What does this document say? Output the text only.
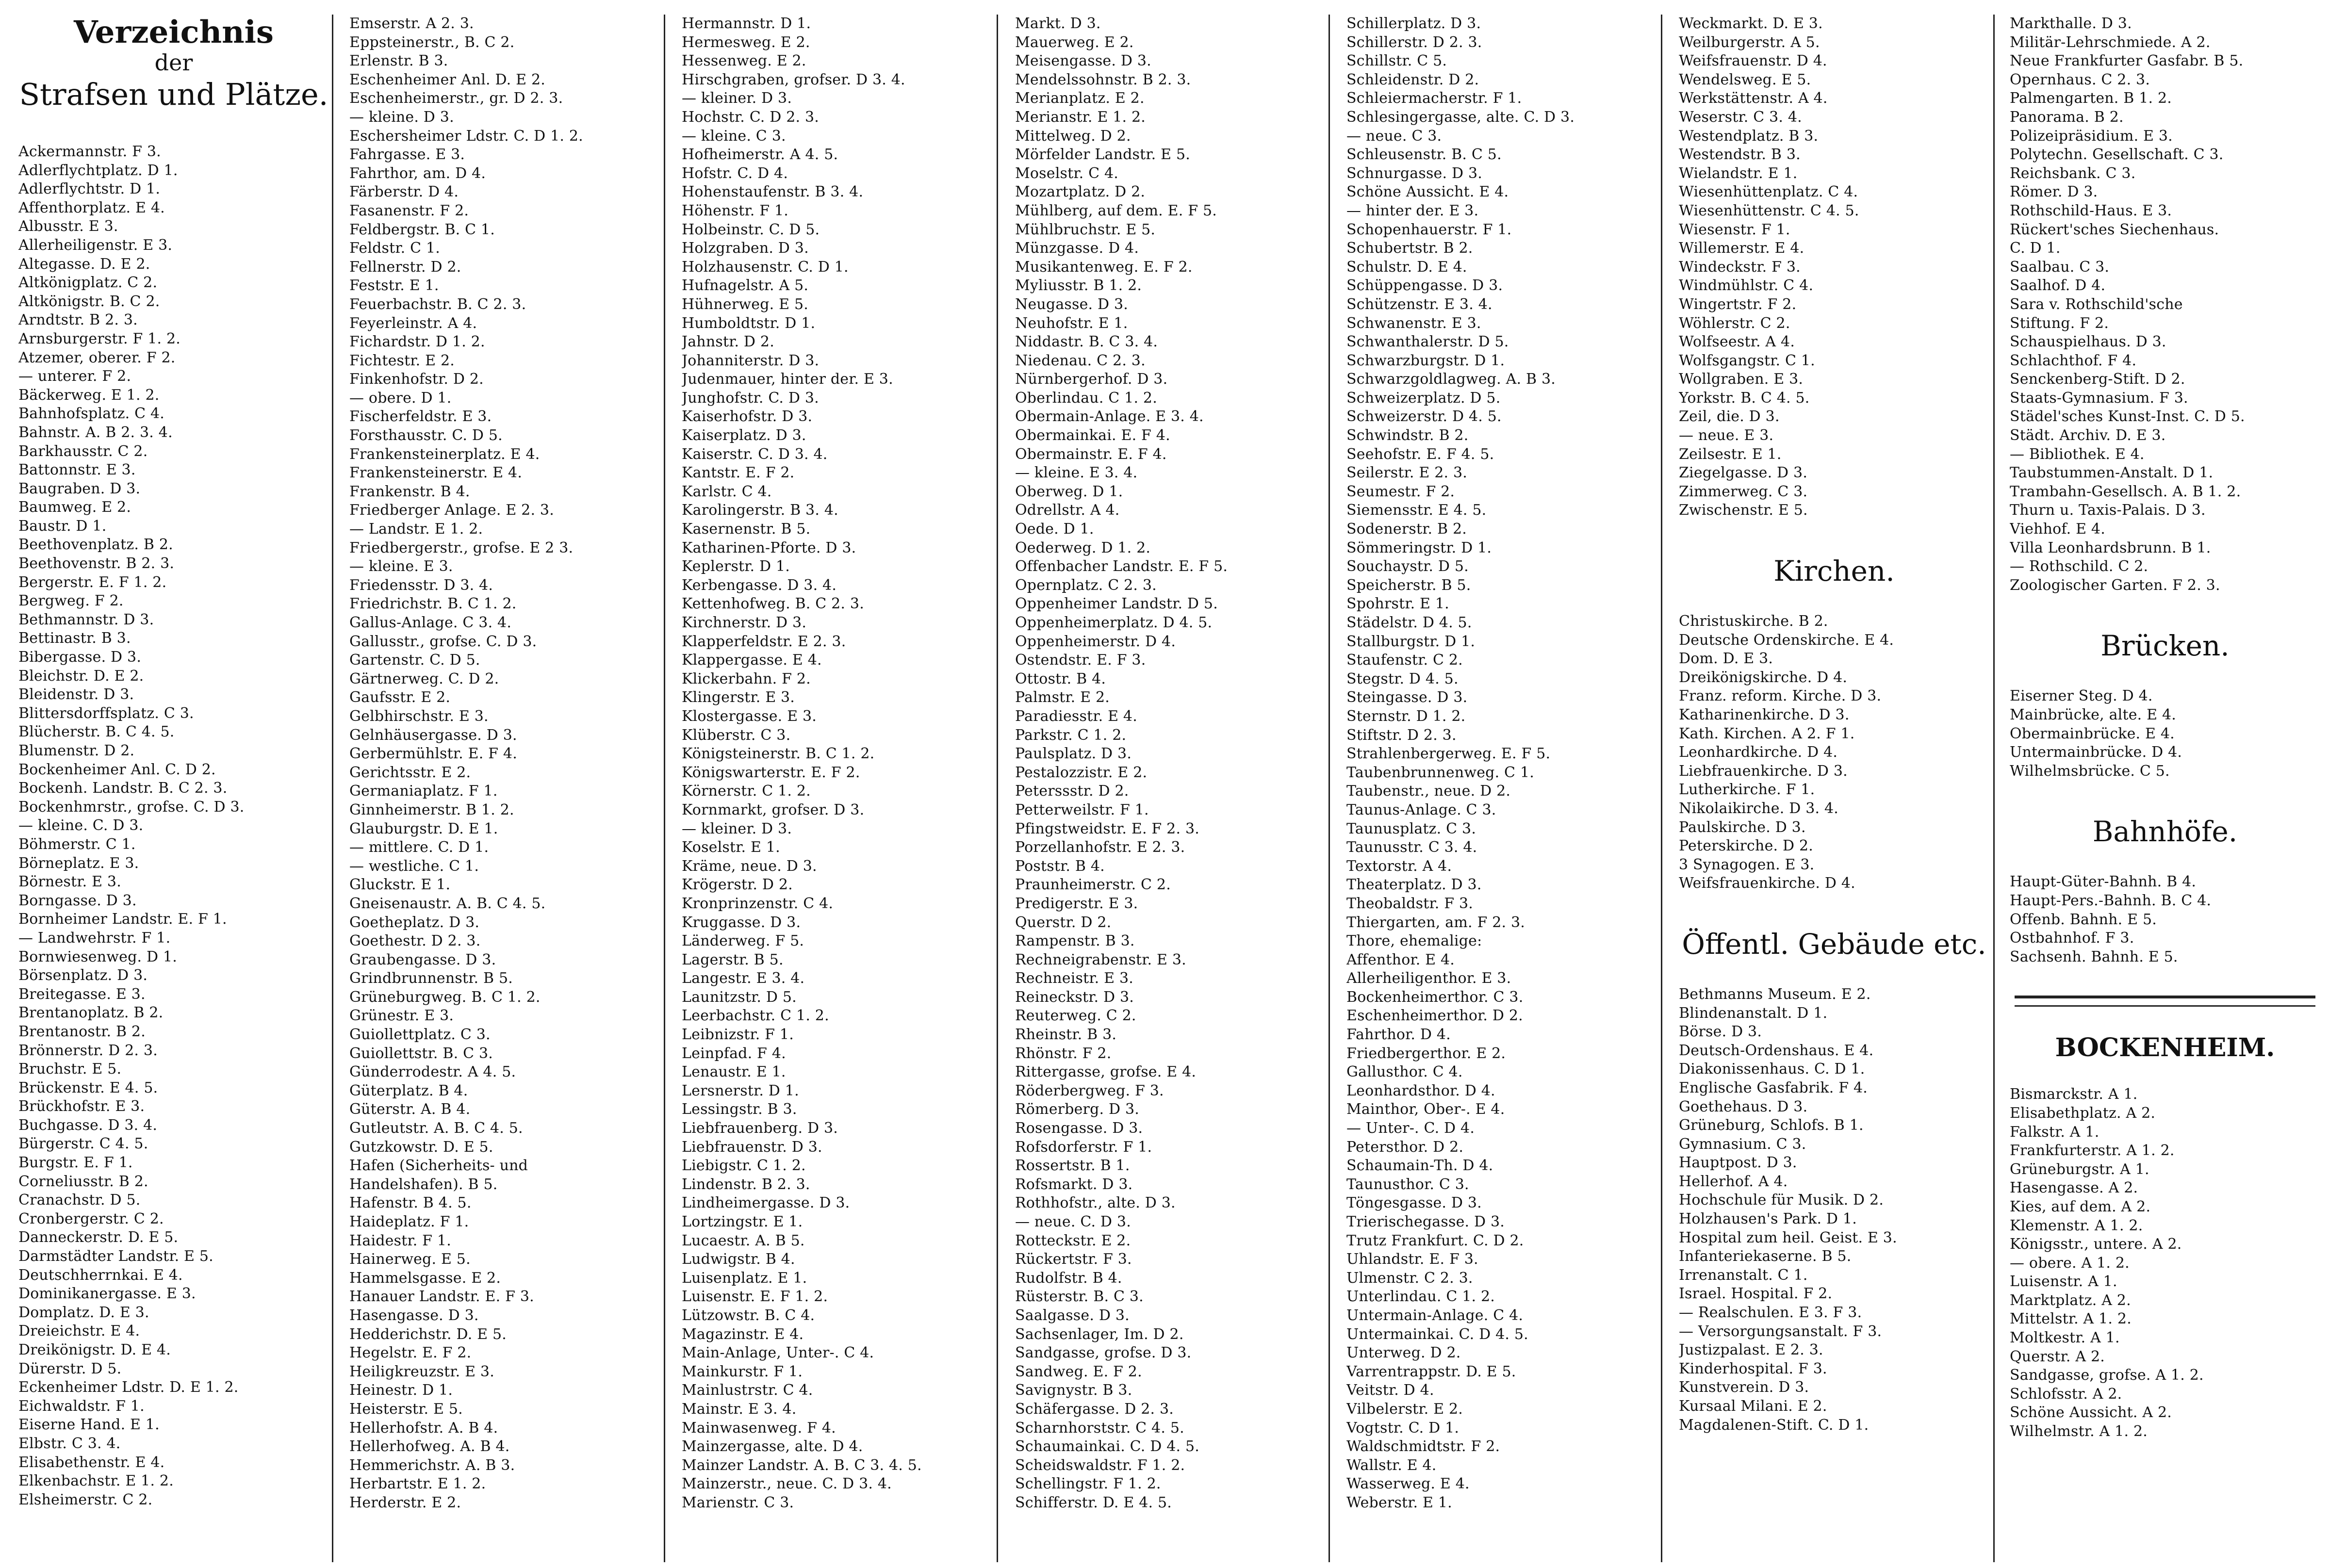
Verzeichnis
der
Strafsen und Plätze.
Ackermannstr. F 3.
Adlerflychtplatz. D 1.
Adlerflychtstr. D 1.
Affenthorplatz. E 4.
Albusstr. E 3.
Allerheiligenstr. E 3.
Altegasse. D. E 2.
Altkönigplatz. C 2.
Altkönigstr. B. C 2.
Arndtstr. B 2. 3.
Arnsburgerstr. F 1. 2.
Atzemer, oberer. F 2.
— unterer. F 2.
Bäckerweg. E 1. 2.
Bahnhofsplatz. C 4.
Bahnstr. A. B 2. 3. 4.
Barkhausstr. C 2.
Battonnstr. E 3.
Baugraben. D 3.
Baumweg. E 2.
Baustr. D 1.
Beethovenplatz. B 2.
Beethovenstr. B 2. 3.
Bergerstr. E. F 1. 2.
Bergweg. F 2.
Bethmannstr. D 3.
Bettinastr. B 3.
Bibergasse. D 3.
Bleichstr. D. E 2.
Bleidenstr. D 3.
Blittersdorffsplatz. C 3.
Blücherstr. B. C 4. 5.
Blumenstr. D 2.
Bockenheimer Anl. C. D 2.
Bockenh. Landstr. B. C 2. 3.
Bockenhmrstr., grofse. C. D 3.
— kleine. C. D 3.
Böhmerstr. C 1.
Börneplatz. E 3.
Börnestr. E 3.
Borngasse. D 3.
Bornheimer Landstr. E. F 1.
— Landwehrstr. F 1.
Bornwiesenweg. D 1.
Börsenplatz. D 3.
Breitegasse. E 3.
Brentanoplatz. B 2.
Brentanostr. B 2.
Brönnerstr. D 2. 3.
Bruchstr. E 5.
Brückenstr. E 4. 5.
Brückhofstr. E 3.
Buchgasse. D 3. 4.
Bürgerstr. C 4. 5.
Burgstr. E. F 1.
Corneliusstr. B 2.
Cranachstr. D 5.
Cronbergerstr. C 2.
Danneckerstr. D. E 5.
Darmstädter Landstr. E 5.
Deutschherrnkai. E 4.
Dominikanergasse. E 3.
Domplatz. D. E 3.
Dreieichstr. E 4.
Dreikönigstr. D. E 4.
Dürerstr. D 5.
Eckenheimer Ldstr. D. E 1. 2.
Eichwaldstr. F 1.
Eiserne Hand. E 1.
Elbstr. C 3. 4.
Elisabethenstr. E 4.
Elkenbachstr. E 1. 2.
Elsheimerstr. C 2.
Emserstr. A 2. 3.
Eppsteinerstr., B. C 2.
Erlenstr. B 3.
Eschenheimer Anl. D. E 2.
Eschenheimerstr., gr. D 2. 3.
— kleine. D 3.
Eschersheimer Ldstr. C. D 1. 2.
Fahrgasse. E 3.
Fahrthor, am. D 4.
Färberstr. D 4.
Fasanenstr. F 2.
Feldbergstr. B. C 1.
Feldstr. C 1.
Fellnerstr. D 2.
Feststr. E 1.
Feuerbachstr. B. C 2. 3.
Feyerleinstr. A 4.
Fichardstr. D 1. 2.
Fichtestr. E 2.
Finkenhofstr. D 2.
— obere. D 1.
Fischerfeldstr. E 3.
Forsthausstr. C. D 5.
Frankensteinerplatz. E 4.
Frankensteinerstr. E 4.
Frankenstr. B 4.
Friedberger Anlage. E 2. 3.
— Landstr. E 1. 2.
Friedbergerstr., grofse. E 2 3.
— kleine. E 3.
Friedensstr. D 3. 4.
Friedrichstr. B. C 1. 2.
Gallus-Anlage. C 3. 4.
Gallusstr., grofse. C. D 3.
Gartenstr. C. D 5.
Gärtnerweg. C. D 2.
Gaufsstr. E 2.
Gelbhirschstr. E 3.
Gelnhäusergasse. D 3.
Gerbermühlstr. E. F 4.
Gerichtsstr. E 2.
Germaniaplatz. F 1.
Ginnheimerstr. B 1. 2.
Glauburgstr. D. E 1.
— mittlere. C. D 1.
— westliche. C 1.
Gluckstr. E 1.
Gneisenaustr. A. B. C 4. 5.
Goetheplatz. D 3.
Goethestr. D 2. 3.
Graubengasse. D 3.
Grindbrunnenstr. B 5.
Grüneburgweg. B. C 1. 2.
Grünestr. E 3.
Guiollettplatz. C 3.
Guiollettstr. B. C 3.
Günderrodestr. A 4. 5.
Güterplatz. B 4.
Güterstr. A. B 4.
Gutleutstr. A. B. C 4. 5.
Gutzkowstr. D. E 5.
Hafen (Sicherheits- und
Handelshafen). B 5.
Hafenstr. B 4. 5.
Haideplatz. F 1.
Haidestr. F 1.
Hainerweg. E 5.
Hammelsgasse. E 2.
Hanauer Landstr. E. F 3.
Hasengasse. D 3.
Hedderichstr. D. E 5.
Hegelstr. E. F 2.
Heiligkreuzstr. E 3.
Heinestr. D 1.
Heisterstr. E 5.
Hellerhofstr. A. B 4.
Hellerhofweg. A. B 4.
Hemmerichstr. A. B 3.
Herbartstr. E 1. 2.
Herderstr. E 2.
Hermannstr. D 1.
Hermesweg. E 2.
Hessenweg. E 2.
Hirschgraben, grofser. D 3. 4.
— kleiner. D 3.
Hochstr. C. D 2. 3.
— kleine. C 3.
Hofheimerstr. A 4. 5.
Hofstr. C. D 4.
Hohenstaufenstr. B 3. 4.
Höhenstr. F 1.
Holbeinstr. C. D 5.
Holzgraben. D 3.
Holzhausenstr. C. D 1.
Hufnagelstr. A 5.
Hühnerweg. E 5.
Humboldtstr. D 1.
Jahnstr. D 2.
Johanniterstr. D 3.
Judenmauer, hinter der. E 3.
Junghofstr. C. D 3.
Kaiserhofstr. D 3.
Kaiserplatz. D 3.
Kaiserstr. C. D 3. 4.
Kantstr. E. F 2.
Karlstr. C 4.
Karolingerstr. B 3. 4.
Kasernenstr. B 5.
Katharinen-Pforte. D 3.
Keplerstr. D 1.
Kerbengasse. D 3. 4.
Kettenhofweg. B. C 2. 3.
Kirchnerstr. D 3.
Klapperfeldstr. E 2. 3.
Klappergasse. E 4.
Klickerbahn. F 2.
Klingerstr. E 3.
Klostergasse. E 3.
Klüberstr. C 3.
Königsteinerstr. B. C 1. 2.
Königswarterstr. E. F 2.
Körnerstr. C 1. 2.
Kornmarkt, grofser. D 3.
— kleiner. D 3.
Koselstr. E 1.
Kräme, neue. D 3.
Krögerstr. D 2.
Kronprinzenstr. C 4.
Kruggasse. D 3.
Länderweg. F 5.
Lagerstr. B 5.
Langestr. E 3. 4.
Launitzstr. D 5.
Leerbachstr. C 1. 2.
Leibnizstr. F 1.
Leinpfad. F 4.
Lenaustr. E 1.
Lersnerstr. D 1.
Lessingstr. B 3.
Liebfrauenberg. D 3.
Liebfrauenstr. D 3.
Liebigstr. C 1. 2.
Lindenstr. B 2. 3.
Lindheimergasse. D 3.
Lortzingstr. E 1.
Lucaestr. A. B 5.
Ludwigstr. B 4.
Luisenplatz. E 1.
Luisenstr. E. F 1. 2.
Lützowstr. B. C 4.
Magazinstr. E 4.
Main-Anlage, Unter-. C 4.
Mainkurstr. F 1.
Mainlustrstr. C 4.
Mainstr. E 3. 4.
Mainwasenweg. F 4.
Mainzergasse, alte. D 4.
Mainzer Landstr. A. B. C 3. 4. 5.
Mainzerstr., neue. C. D 3. 4.
Marienstr. C 3.
Markt. D 3.
Mauerweg. E 2.
Meisengasse. D 3.
Mendelssohnstr. B 2. 3.
Merianplatz. E 2.
Merianstr. E 1. 2.
Mittelweg. D 2.
Mörfelder Landstr. E 5.
Moselstr. C 4.
Mozartplatz. D 2.
Mühlberg, auf dem. E. F 5.
Mühlbruchstr. E 5.
Münzgasse. D 4.
Musikantenweg. E. F 2.
Myliusstr. B 1. 2.
Neugasse. D 3.
Neuhofstr. E 1.
Niddastr. B. C 3. 4.
Niedenau. C 2. 3.
Nürnbergerhof. D 3.
Oberlindau. C 1. 2.
Obermain-Anlage. E 3. 4.
Obermainkai. E. F 4.
Obermainstr. E. F 4.
— kleine. E 3. 4.
Oberweg. D 1.
Odrellstr. A 4.
Oede. D 1.
Oederweg. D 1. 2.
Offenbacher Landstr. E. F 5.
Opernplatz. C 2. 3.
Oppenheimer Landstr. D 5.
Oppenheimerplatz. D 4. 5.
Oppenheimerstr. D 4.
Ostendstr. E. F 3.
Ottostr. B 4.
Palmstr. E 2.
Paradiesstr. E 4.
Parkstr. C 1. 2.
Paulsplatz. D 3.
Pestalozzistr. E 2.
Peterssstr. D 2.
Petterweilstr. F 1.
Pfingstweidstr. E. F 2. 3.
Porzellanhofstr. E 2. 3.
Poststr. B 4.
Praunheimerstr. C 2.
Predigerstr. E 3.
Querstr. D 2.
Rampenstr. B 3.
Rechneigrabenstr. E 3.
Rechneistr. E 3.
Reineckstr. D 3.
Reuterweg. C 2.
Rheinstr. B 3.
Rhönstr. F 2.
Rittergasse, grofse. E 4.
Röderbergweg. F 3.
Römerberg. D 3.
Rosengasse. D 3.
Rofsdorferstr. F 1.
Rossertstr. B 1.
Rofsmarkt. D 3.
Rothhofstr., alte. D 3.
— neue. C. D 3.
Rotteckstr. E 2.
Rückertstr. F 3.
Rudolfstr. B 4.
Rüsterstr. B. C 3.
Saalgasse. D 3.
Sachsenlager, Im. D 2.
Sandgasse, grofse. D 3.
Sandweg. E. F 2.
Savignystr. B 3.
Schäfergasse. D 2. 3.
Scharnhorststr. C 4. 5.
Schaumainkai. C. D 4. 5.
Scheidswaldstr. F 1. 2.
Schellingstr. F 1. 2.
Schifferstr. D. E 4. 5.
Schillerplatz. D 3.
Schillerstr. D 2. 3.
Schillstr. C 5.
Schleidenstr. D 2.
Schleiermacherstr. F 1.
Schlesingergasse, alte. C. D 3.
— neue. C 3.
Schleusenstr. B. C 5.
Schnurgasse. D 3.
Schöne Aussicht. E 4.
— hinter der. E 3.
Schopenhauerstr. F 1.
Schubertstr. B 2.
Schulstr. D. E 4.
Schüppengasse. D 3.
Schützenstr. E 3. 4.
Schwanenstr. E 3.
Schwanthalerstr. D 5.
Schwarzburgstr. D 1.
Schwarzgoldlagweg. A. B 3.
Schweizerplatz. D 5.
Schweizerstr. D 4. 5.
Schwindstr. B 2.
Seehofstr. E. F 4. 5.
Seilerstr. E 2. 3.
Seumestr. F 2.
Siemensstr. E 4. 5.
Sodenerstr. B 2.
Sömmeringstr. D 1.
Souchaystr. D 5.
Speicherstr. B 5.
Spohrstr. E 1.
Städelstr. D 4. 5.
Stallburgstr. D 1.
Staufenstr. C 2.
Stegstr. D 4. 5.
Steingasse. D 3.
Sternstr. D 1. 2.
Stiftstr. D 2. 3.
Strahlenbergerweg. E. F 5.
Taubenbrunnenweg. C 1.
Taubenstr., neue. D 2.
Taunus-Anlage. C 3.
Taunusplatz. C 3.
Taunusstr. C 3. 4.
Textorstr. A 4.
Theaterplatz. D 3.
Theobaldstr. F 3.
Thiergarten, am. F 2. 3.
Thore, ehemalige:
Affenthor. E 4.
Allerheiligenthor. E 3.
Bockenheimerthor. C 3.
Eschenheimerthor. D 2.
Fahrthor. D 4.
Friedbergerthor. E 2.
Gallusthor. C 4.
Leonhardsthor. D 4.
Mainthor, Ober-. E 4.
— Unter-. C. D 4.
Petersthor. D 2.
Schaumain-Th. D 4.
Taunusthor. C 3.
Töngesgasse. D 3.
Trierischegasse. D 3.
Trutz Frankfurt. C. D 2.
Uhlandstr. E. F 3.
Ulmenstr. C 2. 3.
Unterlindau. C 1. 2.
Untermain-Anlage. C 4.
Untermainkai. C. D 4. 5.
Unterweg. D 2.
Varrentrappstr. D. E 5.
Veitstr. D 4.
Vilbelerstr. E 2.
Vogtstr. C. D 1.
Waldschmidtstr. F 2.
Wallstr. E 4.
Wasserweg. E 4.
Weberstr. E 1.
Weckmarkt. D. E 3.
Weilburgerstr. A 5.
Weifsfrauenstr. D 4.
Wendelsweg. E 5.
Werkstättenstr. A 4.
Weserstr. C 3. 4.
Westendplatz. B 3.
Westendstr. B 3.
Wielandstr. E 1.
Wiesenhüttenplatz. C 4.
Wiesenhüttenstr. C 4. 5.
Wiesenstr. F 1.
Willemerstr. E 4.
Windeckstr. F 3.
Windmühlstr. C 4.
Wingertstr. F 2.
Wöhlerstr. C 2.
Wolfseestr. A 4.
Wolfsgangstr. C 1.
Wollgraben. E 3.
Yorkstr. B. C 4. 5.
Zeil, die. D 3.
— neue. E 3.
Zeilsestr. E 1.
Ziegelgasse. D 3.
Zimmerweg. C 3.
Zwischenstr. E 5.
Kirchen.
Christuskirche. B 2.
Deutsche Ordenskirche. E 4.
Dom. D. E 3.
Dreikönigskirche. D 4.
Franz. reform. Kirche. D 3.
Katharinenkirche. D 3.
Kath. Kirchen. A 2. F 1.
Leonhardkirche. D 4.
Liebfrauenkirche. D 3.
Lutherkirche. F 1.
Nikolaikirche. D 3. 4.
Paulskirche. D 3.
Peterskirche. D 2.
3 Synagogen. E 3.
Weifsfrauenkirche. D 4.
Öffentl. Gebäude etc.
Bethmanns Museum. E 2.
Blindenanstalt. D 1.
Börse. D 3.
Deutsch-Ordenshaus. E 4.
Diakonissenhaus. C. D 1.
Englische Gasfabrik. F 4.
Goethehaus. D 3.
Grüneburg, Schlofs. B 1.
Gymnasium. C 3.
Hauptpost. D 3.
Hellerhof. A 4.
Hochschule für Musik. D 2.
Holzhausen's Park. D 1.
Hospital zum heil. Geist. E 3.
Infanteriekaserne. B 5.
Irrenanstalt. C 1.
Israel. Hospital. F 2.
— Realschulen. E 3. F 3.
— Versorgungsanstalt. F 3.
Justizpalast. E 2. 3.
Kinderhospital. F 3.
Kunstverein. D 3.
Kursaal Milani. E 2.
Magdalenen-Stift. C. D 1.
Markthalle. D 3.
Militär-Lehrschmiede. A 2.
Neue Frankfurter Gasfabr. B 5.
Opernhaus. C 2. 3.
Palmengarten. B 1. 2.
Panorama. B 2.
Polizeipräsidium. E 3.
Polytechn. Gesellschaft. C 3.
Reichsbank. C 3.
Römer. D 3.
Rothschild-Haus. E 3.
Rückert'sches Siechenhaus.
C. D 1.
Saalbau. C 3.
Saalhof. D 4.
Sara v. Rothschild'sche
Stiftung. F 2.
Schauspielhaus. D 3.
Schlachthof. F 4.
Senckenberg-Stift. D 2.
Staats-Gymnasium. F 3.
Städel'sches Kunst-Inst. C. D 5.
Städt. Archiv. D. E 3.
— Bibliothek. E 4.
Taubstummen-Anstalt. D 1.
Trambahn-Gesellsch. A. B 1. 2.
Thurn u. Taxis-Palais. D 3.
Viehhof. E 4.
Villa Leonhardsbrunn. B 1.
— Rothschild. C 2.
Zoologischer Garten. F 2. 3.
Brücken.
Eiserner Steg. D 4.
Mainbrücke, alte. E 4.
Obermainbrücke. E 4.
Untermainbrücke. D 4.
Wilhelmsbrücke. C 5.
Bahnhöfe.
Haupt-Güter-Bahnh. B 4.
Haupt-Pers.-Bahnh. B. C 4.
Offenb. Bahnh. E 5.
Ostbahnhof. F 3.
Sachsenh. Bahnh. E 5.
BOCKENHEIM.
Bismarckstr. A 1.
Elisabethplatz. A 2.
Falkstr. A 1.
Frankfurterstr. A 1. 2.
Grüneburgstr. A 1.
Hasengasse. A 2.
Kies, auf dem. A 2.
Klemenstr. A 1. 2.
Königsstr., untere. A 2.
— obere. A 1. 2.
Luisenstr. A 1.
Marktplatz. A 2.
Mittelstr. A 1. 2.
Moltkestr. A 1.
Querstr. A 2.
Sandgasse, grofse. A 1. 2.
Schlofsstr. A 2.
Schöne Aussicht. A 2.
Wilhelmstr. A 1. 2.
